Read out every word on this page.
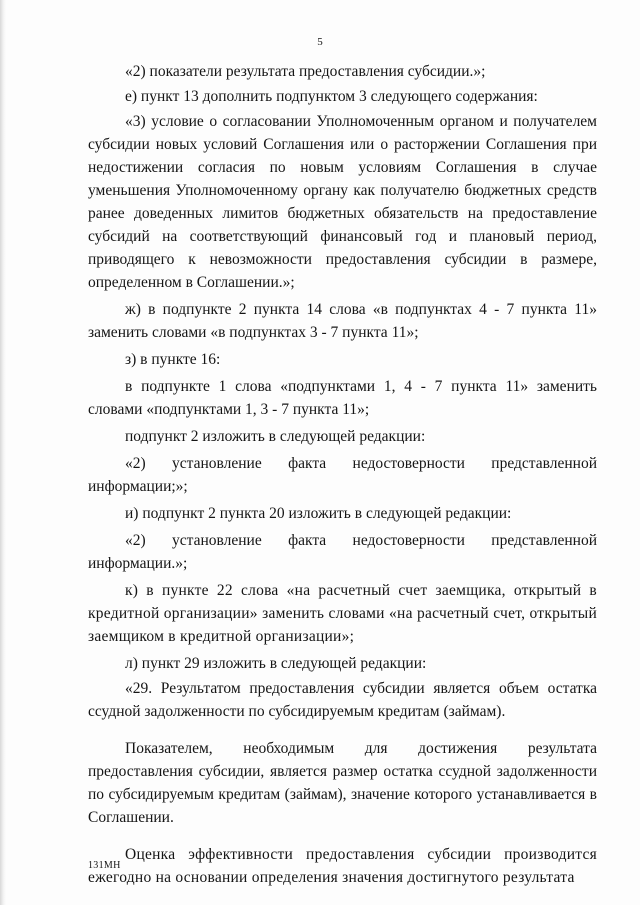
5

«2) показатели результата предоставления субсидии.»;

е) пункт 13 дополнить подпунктом 3 следующего содержания:

«3) условие о согласовании Уполномоченным органом и получателем субсидии новых условий Соглашения или о расторжении Соглашения при недостижении согласия по новым условиям Соглашения в случае уменьшения Уполномоченному органу как получателю бюджетных средств ранее доведенных лимитов бюджетных обязательств на предоставление субсидий на соответствующий финансовый год и плановый период, приводящего к невозможности предоставления субсидии в размере, определенном в Соглашении.»;

ж) в подпункте 2 пункта 14 слова «в подпунктах 4 - 7 пункта 11» заменить словами «в подпунктах 3 - 7 пункта 11»;

з) в пункте 16:

в подпункте 1 слова «подпунктами 1, 4 - 7 пункта 11» заменить словами «подпунктами 1, 3 - 7 пункта 11»;

подпункт 2 изложить в следующей редакции:

«2) установление факта недостоверности представленной информации;»;

и) подпункт 2 пункта 20 изложить в следующей редакции:

«2) установление факта недостоверности представленной информации.»;

к) в пункте 22 слова «на расчетный счет заемщика, открытый в кредитной организации» заменить словами «на расчетный счет, открытый заемщиком в кредитной организации»;

л) пункт 29 изложить в следующей редакции:

«29. Результатом предоставления субсидии является объем остатка ссудной задолженности по субсидируемым кредитам (займам).

Показателем, необходимым для достижения результата предоставления субсидии, является размер остатка ссудной задолженности по субсидируемым кредитам (займам), значение которого устанавливается в Соглашении.

Оценка эффективности предоставления субсидии производится ежегодно на основании определения значения достигнутого результата

131МН
